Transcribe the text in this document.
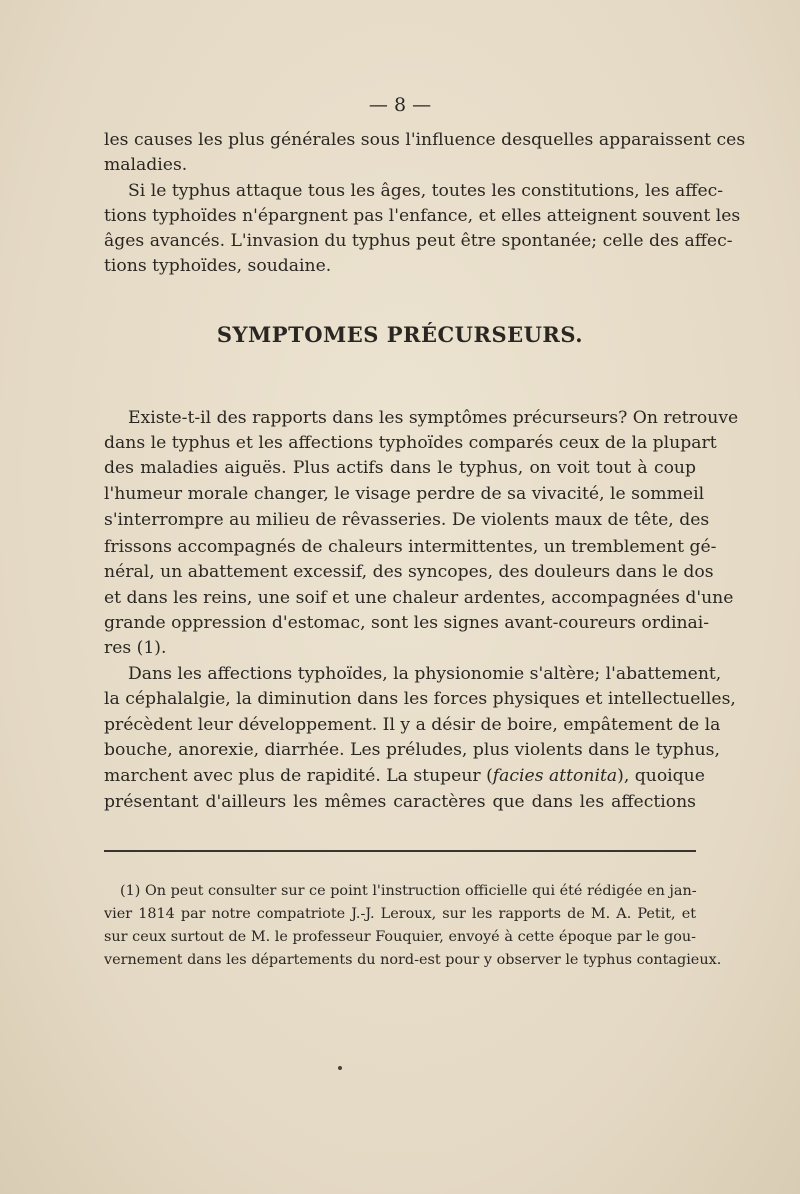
— 8 —
les causes les plus générales sous l'influence desquelles apparaissent ces
maladies.
Si le typhus attaque tous les âges, toutes les constitutions, les affec-
tions typhoïdes n'épargnent pas l'enfance, et elles atteignent souvent les
âges avancés. L'invasion du typhus peut être spontanée; celle des affec-
tions typhoïdes, soudaine.
SYMPTOMES PRÉCURSEURS.
Existe-t-il des rapports dans les symptômes précurseurs? On retrouve
dans le typhus et les affections typhoïdes comparés ceux de la plupart
des maladies aiguës. Plus actifs dans le typhus, on voit tout à coup
l'humeur morale changer, le visage perdre de sa vivacité, le sommeil
s'interrompre au milieu de rêvasseries. De violents maux de tête, des
frissons accompagnés de chaleurs intermittentes, un tremblement gé-
néral, un abattement excessif, des syncopes, des douleurs dans le dos
et dans les reins, une soif et une chaleur ardentes, accompagnées d'une
grande oppression d'estomac, sont les signes avant-coureurs ordinai-
res (1).
Dans les affections typhoïdes, la physionomie s'altère; l'abattement,
la céphalalgie, la diminution dans les forces physiques et intellectuelles,
précèdent leur développement. Il y a désir de boire, empâtement de la
bouche, anorexie, diarrhée. Les préludes, plus violents dans le typhus,
marchent avec plus de rapidité. La stupeur (facies attonita), quoique
présentant d'ailleurs les mêmes caractères que dans les affections
(1) On peut consulter sur ce point l'instruction officielle qui été rédigée en jan-
vier 1814 par notre compatriote J.-J. Leroux, sur les rapports de M. A. Petit, et
sur ceux surtout de M. le professeur Fouquier, envoyé à cette époque par le gou-
vernement dans les départements du nord-est pour y observer le typhus contagieux.
